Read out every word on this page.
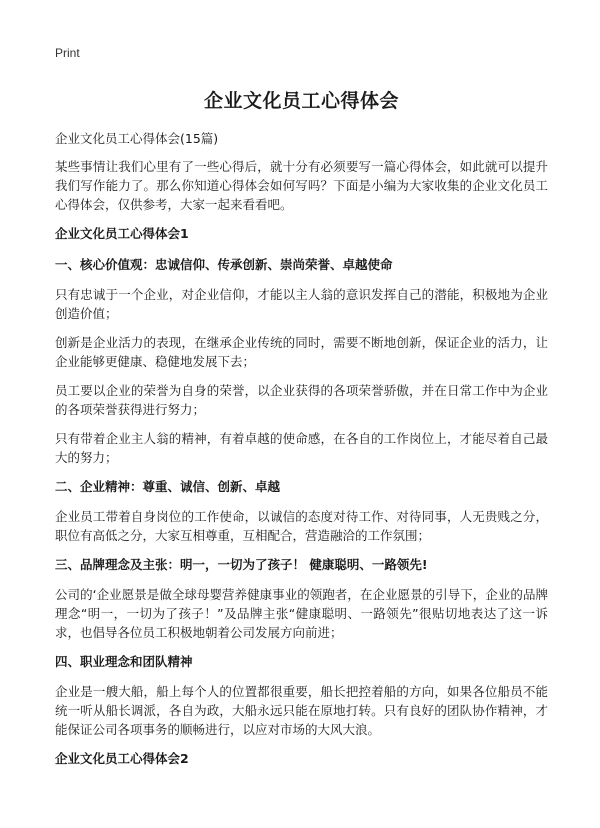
Print
企业文化员工心得体会
企业文化员工心得体会(15篇)

某些事情让我们心里有了一些心得后，就十分有必须要写一篇心得体会，如此就可以提升我们写作能力了。那么你知道心得体会如何写吗？下面是小编为大家收集的企业文化员工心得体会，仅供参考，大家一起来看看吧。

企业文化员工心得体会1
一、核心价值观：忠诚信仰、传承创新、崇尚荣誉、卓越使命

只有忠诚于一个企业，对企业信仰，才能以主人翁的意识发挥自己的潜能，积极地为企业创造价值；

创新是企业活力的表现，在继承企业传统的同时，需要不断地创新，保证企业的活力，让企业能够更健康、稳健地发展下去；

员工要以企业的荣誉为自身的荣誉，以企业获得的各项荣誉骄傲，并在日常工作中为企业的各项荣誉获得进行努力；

只有带着企业主人翁的精神，有着卓越的使命感，在各自的工作岗位上，才能尽着自己最大的努力；

二、企业精神：尊重、诚信、创新、卓越

企业员工带着自身岗位的工作使命，以诚信的态度对待工作、对待同事，人无贵贱之分，职位有高低之分，大家互相尊重，互相配合，营造融洽的工作氛围；

三、品牌理念及主张：明一，一切为了孩子！ 健康聪明、一路领先!

公司的‘企业愿景是做全球母婴营养健康事业的领跑者，在企业愿景的引导下，企业的品牌理念“明一，一切为了孩子！”及品牌主张“健康聪明、一路领先”很贴切地表达了这一诉求，也倡导各位员工积极地朝着公司发展方向前进；

四、职业理念和团队精神

企业是一艘大船，船上每个人的位置都很重要，船长把控着船的方向，如果各位船员不能统一听从船长调派，各自为政，大船永远只能在原地打转。只有良好的团队协作精神，才能保证公司各项事务的顺畅进行，以应对市场的大风大浪。

企业文化员工心得体会2
